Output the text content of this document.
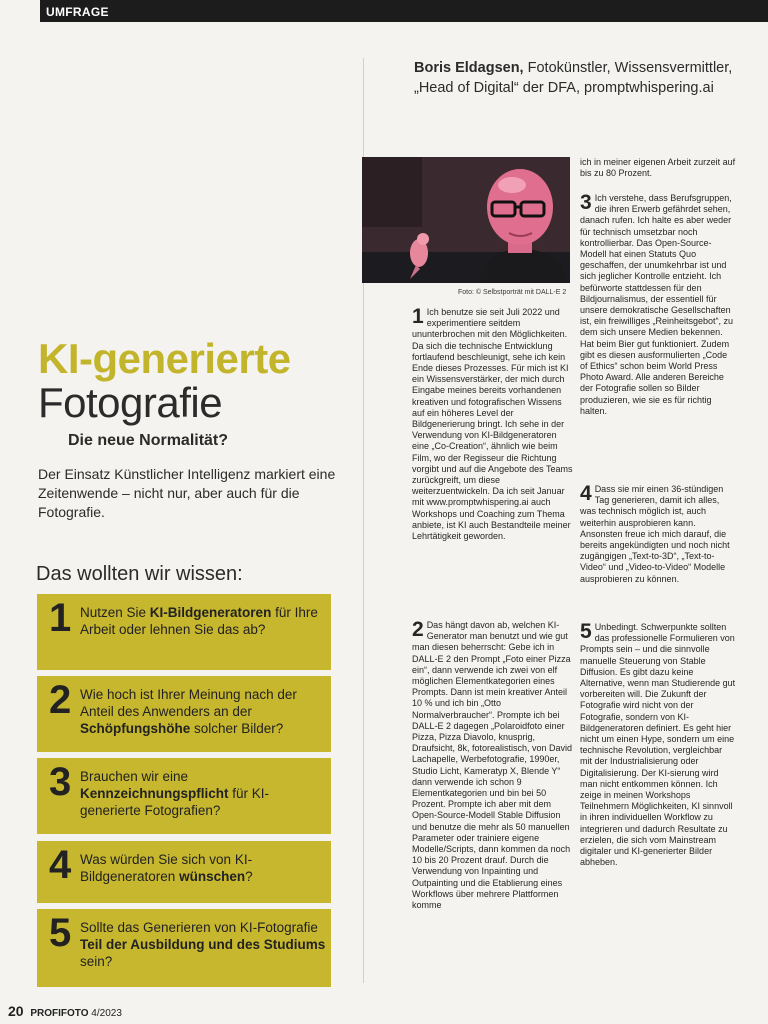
UMFRAGE
KI-generierte
Fotografie
Die neue Normalität?
Der Einsatz Künstlicher Intelligenz markiert eine Zeitenwende – nicht nur, aber auch für die Fotografie.
Das wollten wir wissen:
1 Nutzen Sie KI-Bildgeneratoren für Ihre Arbeit oder lehnen Sie das ab?
2 Wie hoch ist Ihrer Meinung nach der Anteil des Anwenders an der Schöpfungshöhe solcher Bilder?
3 Brauchen wir eine Kennzeichnungspflicht für KI-generierte Fotografien?
4 Was würden Sie sich von KI-Bildgeneratoren wünschen?
5 Sollte das Generieren von KI-Fotografie Teil der Ausbildung und des Studiums sein?
Boris Eldagsen, Fotokünstler, Wissensvermittler, „Head of Digital“ der DFA, promptwhispering.ai
Foto: © Selbstporträt mit DALL-E 2
1 Ich benutze sie seit Juli 2022 und experimentiere seitdem ununterbrochen mit den Möglichkeiten. Da sich die technische Entwicklung fortlaufend beschleunigt, sehe ich kein Ende dieses Prozesses. Für mich ist KI ein Wissensverstärker, der mich durch Eingabe meines bereits vorhandenen kreativen und fotografischen Wissens auf ein höheres Level der Bildgenerierung bringt. Ich sehe in der Verwendung von KI-Bildgeneratoren eine „Co-Creation“, ähnlich wie beim Film, wo der Regisseur die Richtung vorgibt und auf die Angebote des Teams zurückgreift, um diese weiterzuentwickeln. Da ich seit Januar mit www.promptwhispering.ai auch Workshops und Coaching zum Thema anbiete, ist KI auch Bestandteile meiner Lehrtätigkeit geworden.
2 Das hängt davon ab, welchen KI-Generator man benutzt und wie gut man diesen beherrscht: Gebe ich in DALL-E 2 den Prompt „Foto einer Pizza ein“, dann verwende ich zwei von elf möglichen Elementkategorien eines Prompts. Dann ist mein kreativer Anteil 10 % und ich bin „Otto Normalverbraucher“. Prompte ich bei DALL-E 2 dagegen „Polaroidfoto einer Pizza, Pizza Diavolo, knusprig, Draufsicht, 8k, fotorealistisch, von David Lachapelle, Werbefotografie, 1990er, Studio Licht, Kameratyp X, Blende Y“ dann verwende ich schon 9 Elementkategorien und bin bei 50 Prozent. Prompte ich aber mit dem Open-Source-Modell Stable Diffusion und benutze die mehr als 50 manuellen Parameter oder trainiere eigene Modelle/Scripts, dann kommen da noch 10 bis 20 Prozent drauf. Durch die Verwendung von Inpainting und Outpainting und die Etablierung eines Workflows über mehrere Plattformen komme
ich in meiner eigenen Arbeit zurzeit auf bis zu 80 Prozent.
3 Ich verstehe, dass Berufsgruppen, die ihren Erwerb gefährdet sehen, danach rufen. Ich halte es aber weder für technisch umsetzbar noch kontrollierbar. Das Open-Source-Modell hat einen Statuts Quo geschaffen, der unumkehrbar ist und sich jeglicher Kontrolle entzieht. Ich befürworte stattdessen für den Bildjournalismus, der essentiell für unsere demokratische Gesellschaften ist, ein freiwilliges „Reinheitsgebot“, zu dem sich unsere Medien bekennen. Hat beim Bier gut funktioniert. Zudem gibt es diesen ausformulierten „Code of Ethics“ schon beim World Press Photo Award. Alle anderen Bereiche der Fotografie sollen so Bilder produzieren, wie sie es für richtig halten.
4 Dass sie mir einen 36-stündigen Tag generieren, damit ich alles, was technisch möglich ist, auch weiterhin ausprobieren kann. Ansonsten freue ich mich darauf, die bereits angekündigten und noch nicht zugängigen „Text-to-3D“, „Text-to-Video“ und „Video-to-Video“ Modelle ausprobieren zu können.
5 Unbedingt. Schwerpunkte sollten das professionelle Formulieren von Prompts sein – und die sinnvolle manuelle Steuerung von Stable Diffusion. Es gibt dazu keine Alternative, wenn man Studierende gut vorbereiten will. Die Zukunft der Fotografie wird nicht von der Fotografie, sondern von KI-Bildgeneratoren definiert. Es geht hier nicht um einen Hype, sondern um eine technische Revolution, vergleichbar mit der Industrialisierung oder Digitalisierung. Der KI-sierung wird man nicht entkommen können. Ich zeige in meinen Workshops Teilnehmern Möglichkeiten, KI sinnvoll in ihren individuellen Workflow zu integrieren und dadurch Resultate zu erzielen, die sich vom Mainstream digitaler und KI-generierter Bilder abheben.
20 PROFIFOTO 4/2023
